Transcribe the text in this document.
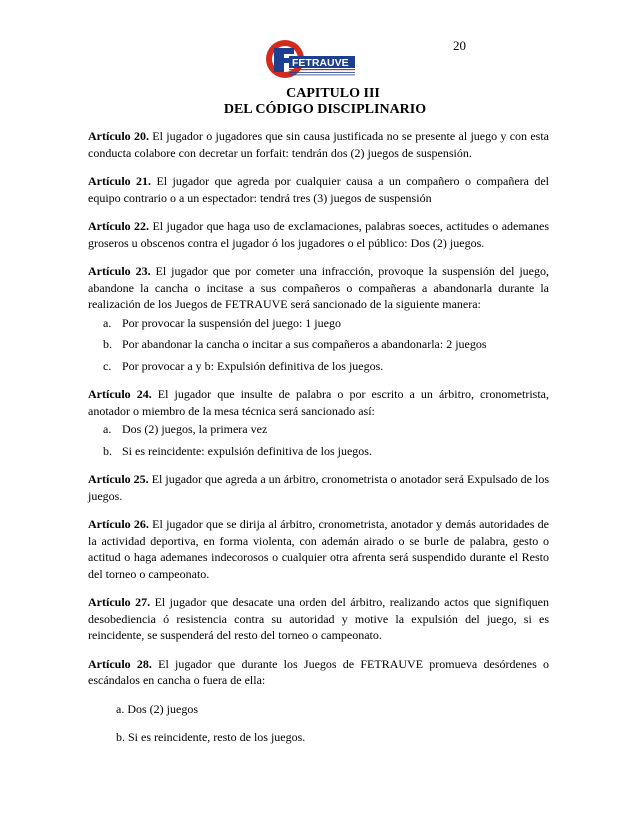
20
FETRAUVE
CAPITULO III
DEL CÓDIGO DISCIPLINARIO

Artículo 20. El jugador o jugadores que sin causa justificada no se presente al juego y con esta conducta colabore con decretar un forfait: tendrán dos (2) juegos de suspensión.

Artículo 21. El jugador que agreda por cualquier causa a un compañero o compañera del equipo contrario o a un espectador: tendrá tres (3) juegos de suspensión

Artículo 22. El jugador que haga uso de exclamaciones, palabras soeces, actitudes o ademanes groseros u obscenos contra el jugador ó los jugadores o el público: Dos (2) juegos.

Artículo 23. El jugador que por cometer una infracción, provoque la suspensión del juego, abandone la cancha o incitase a sus compañeros o compañeras a abandonarla durante la realización de los Juegos de FETRAUVE será sancionado de la siguiente manera:
a. Por provocar la suspensión del juego: 1 juego
b. Por abandonar la cancha o incitar a sus compañeros a abandonarla: 2 juegos
c. Por provocar a y b: Expulsión definitiva de los juegos.
Artículo 24. El jugador que insulte de palabra o por escrito a un árbitro, cronometrista, anotador o miembro de la mesa técnica será sancionado así:
a. Dos (2) juegos, la primera vez
b. Si es reincidente: expulsión definitiva de los juegos.

Artículo 25. El jugador que agreda a un árbitro, cronometrista o anotador será Expulsado de los juegos.

Artículo 26. El jugador que se dirija al árbitro, cronometrista, anotador y demás autoridades de la actividad deportiva, en forma violenta, con ademán airado o se burle de palabra, gesto o actitud o haga ademanes indecorosos o cualquier otra afrenta será suspendido durante el Resto del torneo o campeonato.

Artículo 27. El jugador que desacate una orden del árbitro, realizando actos que signifiquen desobediencia ó resistencia contra su autoridad y motive la expulsión del juego, si es reincidente, se suspenderá del resto del torneo o campeonato.

Artículo 28. El jugador que durante los Juegos de FETRAUVE promueva desórdenes o escándalos en cancha o fuera de ella:
a. Dos (2) juegos
b. Si es reincidente, resto de los juegos.
